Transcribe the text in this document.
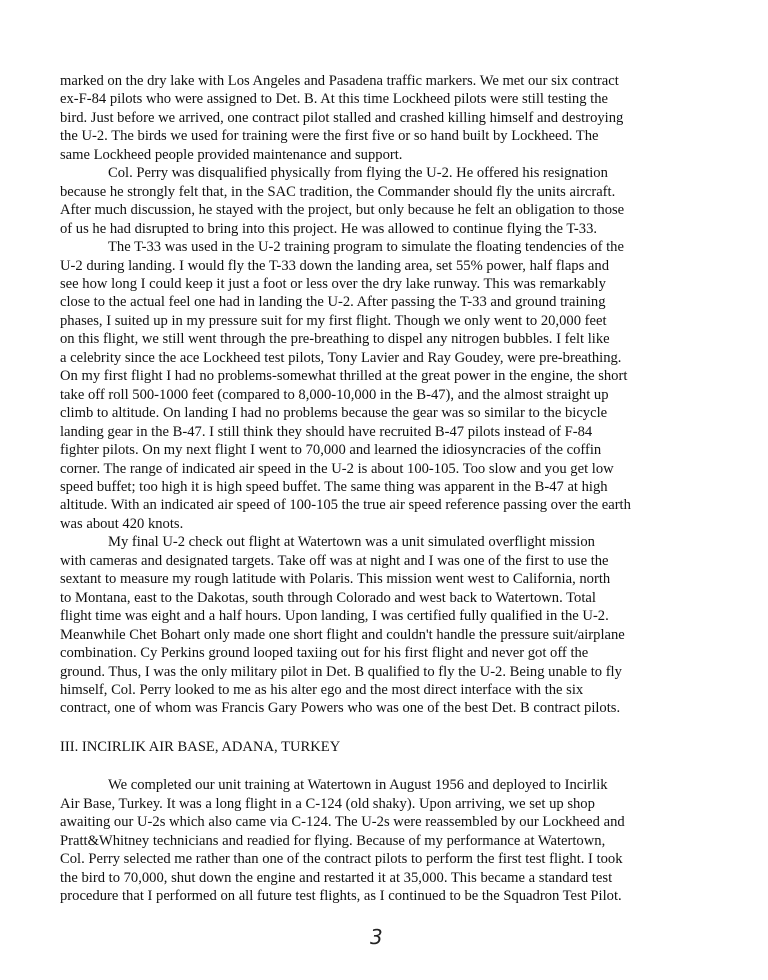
marked on the dry lake with Los Angeles and Pasadena traffic markers. We met our six contract
ex-F-84 pilots who were assigned to Det. B. At this time Lockheed pilots were still testing the
bird. Just before we arrived, one contract pilot stalled and crashed killing himself and destroying
the U-2. The birds we used for training were the first five or so hand built by Lockheed. The
same Lockheed people provided maintenance and support.

Col. Perry was disqualified physically from flying the U-2. He offered his resignation
because he strongly felt that, in the SAC tradition, the Commander should fly the units aircraft.
After much discussion, he stayed with the project, but only because he felt an obligation to those
of us he had disrupted to bring into this project. He was allowed to continue flying the T-33.

The T-33 was used in the U-2 training program to simulate the floating tendencies of the
U-2 during landing. I would fly the T-33 down the landing area, set 55% power, half flaps and
see how long I could keep it just a foot or less over the dry lake runway. This was remarkably
close to the actual feel one had in landing the U-2. After passing the T-33 and ground training
phases, I suited up in my pressure suit for my first flight. Though we only went to 20,000 feet
on this flight, we still went through the pre-breathing to dispel any nitrogen bubbles. I felt like
a celebrity since the ace Lockheed test pilots, Tony Lavier and Ray Goudey, were pre-breathing.
On my first flight I had no problems-somewhat thrilled at the great power in the engine, the short
take off roll 500-1000 feet (compared to 8,000-10,000 in the B-47), and the almost straight up
climb to altitude. On landing I had no problems because the gear was so similar to the bicycle
landing gear in the B-47. I still think they should have recruited B-47 pilots instead of F-84
fighter pilots. On my next flight I went to 70,000 and learned the idiosyncracies of the coffin
corner. The range of indicated air speed in the U-2 is about 100-105. Too slow and you get low
speed buffet; too high it is high speed buffet. The same thing was apparent in the B-47 at high
altitude. With an indicated air speed of 100-105 the true air speed reference passing over the earth
was about 420 knots.

My final U-2 check out flight at Watertown was a unit simulated overflight mission
with cameras and designated targets. Take off was at night and I was one of the first to use the
sextant to measure my rough latitude with Polaris. This mission went west to California, north
to Montana, east to the Dakotas, south through Colorado and west back to Watertown. Total
flight time was eight and a half hours. Upon landing, I was certified fully qualified in the U-2.
Meanwhile Chet Bohart only made one short flight and couldn't handle the pressure suit/airplane
combination. Cy Perkins ground looped taxiing out for his first flight and never got off the
ground. Thus, I was the only military pilot in Det. B qualified to fly the U-2. Being unable to fly
himself, Col. Perry looked to me as his alter ego and the most direct interface with the six
contract, one of whom was Francis Gary Powers who was one of the best Det. B contract pilots.

III. INCIRLIK AIR BASE, ADANA, TURKEY

We completed our unit training at Watertown in August 1956 and deployed to Incirlik
Air Base, Turkey. It was a long flight in a C-124 (old shaky). Upon arriving, we set up shop
awaiting our U-2s which also came via C-124. The U-2s were reassembled by our Lockheed and
Pratt&Whitney technicians and readied for flying. Because of my performance at Watertown,
Col. Perry selected me rather than one of the contract pilots to perform the first test flight. I took
the bird to 70,000, shut down the engine and restarted it at 35,000. This became a standard test
procedure that I performed on all future test flights, as I continued to be the Squadron Test Pilot.

3
